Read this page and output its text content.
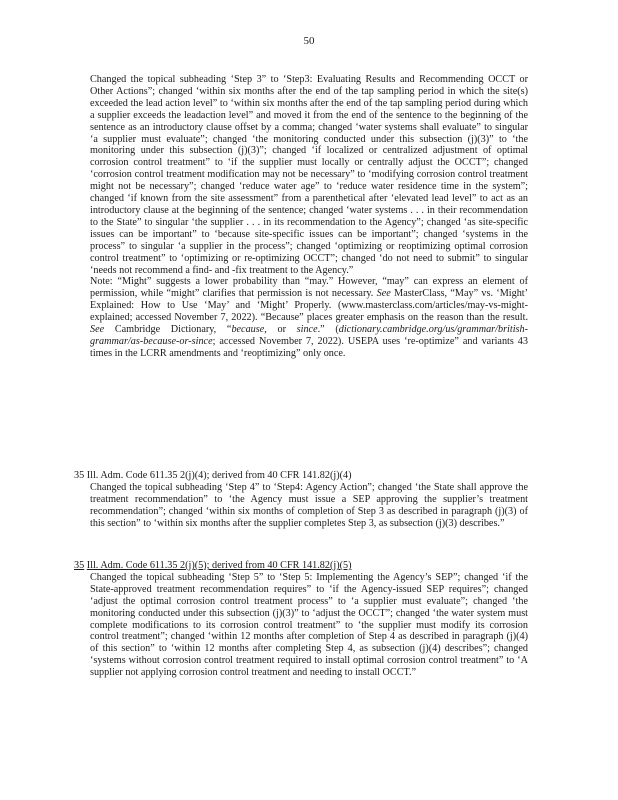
50
Changed the topical subheading ‘Step 3” to ‘Step3: Evaluating Results and Recommending OCCT or Other Actions”; changed ‘within six months after the end of the tap sampling period in which the site(s) exceeded the lead action level” to ‘within six months after the end of the tap sampling period during which a supplier exceeds the leadaction level” and moved it from the end of the sentence to the beginning of the sentence as an introductory clause offset by a comma; changed ‘water systems shall evaluate” to singular ‘a supplier must evaluate”; changed ‘the monitoring conducted under this subsection (j)(3)” to ‘the monitoring under this subsection (j)(3)”; changed ‘if localized or centralized adjustment of optimal corrosion control treatment” to ‘if the supplier must locally or centrally adjust the OCCT”; changed ‘corrosion control treatment modification may not be necessary” to ‘modifying corrosion control treatment might not be necessary”; changed ‘reduce water age” to ‘reduce water residence time in the system”; changed ‘if known from the site assessment” from a parenthetical after ‘elevated lead level” to act as an introductory clause at the beginning of the sentence; changed ‘water systems . . . in their recommendation to the State” to singular ‘the supplier . . . in its recommendation to the Agency”; changed ‘as site-specific issues can be important” to ‘because site-specific issues can be important”; changed ‘systems in the process” to singular ‘a supplier in the process”; changed ‘optimizing or reoptimizing optimal corrosion control treatment” to ‘optimizing or re-optimizing OCCT”; changed ‘do not need to submit” to singular ‘needs not recommend a find- and -fix treatment to the Agency.”
Note: “Might” suggests a lower probability than “may.” However, “may” can express an element of permission, while “might” clarifies that permission is not necessary. See MasterClass, “May” vs. ‘Might’ Explained: How to Use ‘May’ and ‘Might’ Properly. (www.masterclass.com/articles/may-vs-might-explained; accessed November 7, 2022). “Because” places greater emphasis on the reason than the result. See Cambridge Dictionary, “because, or since.” (dictionary.cambridge.org/us/grammar/british-grammar/as-because-or-since; accessed November 7, 2022). USEPA uses ‘re-optimize” and variants 43 times in the LCRR amendments and ‘reoptimizing” only once.
35 Ill. Adm. Code 611.35 2(j)(4); derived from 40 CFR 141.82(j)(4)
Changed the topical subheading ‘Step 4” to ‘Step4: Agency Action”; changed ‘the State shall approve the treatment recommendation” to ‘the Agency must issue a SEP approving the supplier’s treatment recommendation”; changed ‘within six months of completion of Step 3 as described in paragraph (j)(3) of this section” to ‘within six months after the supplier completes Step 3, as subsection (j)(3) describes.”
35 Ill. Adm. Code 611.35 2(j)(5); derived from 40 CFR 141.82(j)(5)
Changed the topical subheading ‘Step 5” to ‘Step 5: Implementing the Agency’s SEP”; changed ‘if the State-approved treatment recommendation requires” to ‘if the Agency-issued SEP requires”; changed ‘adjust the optimal corrosion control treatment process” to ‘a supplier must evaluate”; changed ‘the monitoring conducted under this subsection (j)(3)” to ‘adjust the OCCT”; changed ‘the water system must complete modifications to its corrosion control treatment” to ‘the supplier must modify its corrosion control treatment”; changed ‘within 12 months after completion of Step 4 as described in paragraph (j)(4) of this section” to ‘within 12 months after completing Step 4, as subsection (j)(4) describes”; changed ‘systems without corrosion control treatment required to install optimal corrosion control treatment” to ‘A supplier not applying corrosion control treatment and needing to install OCCT.”
